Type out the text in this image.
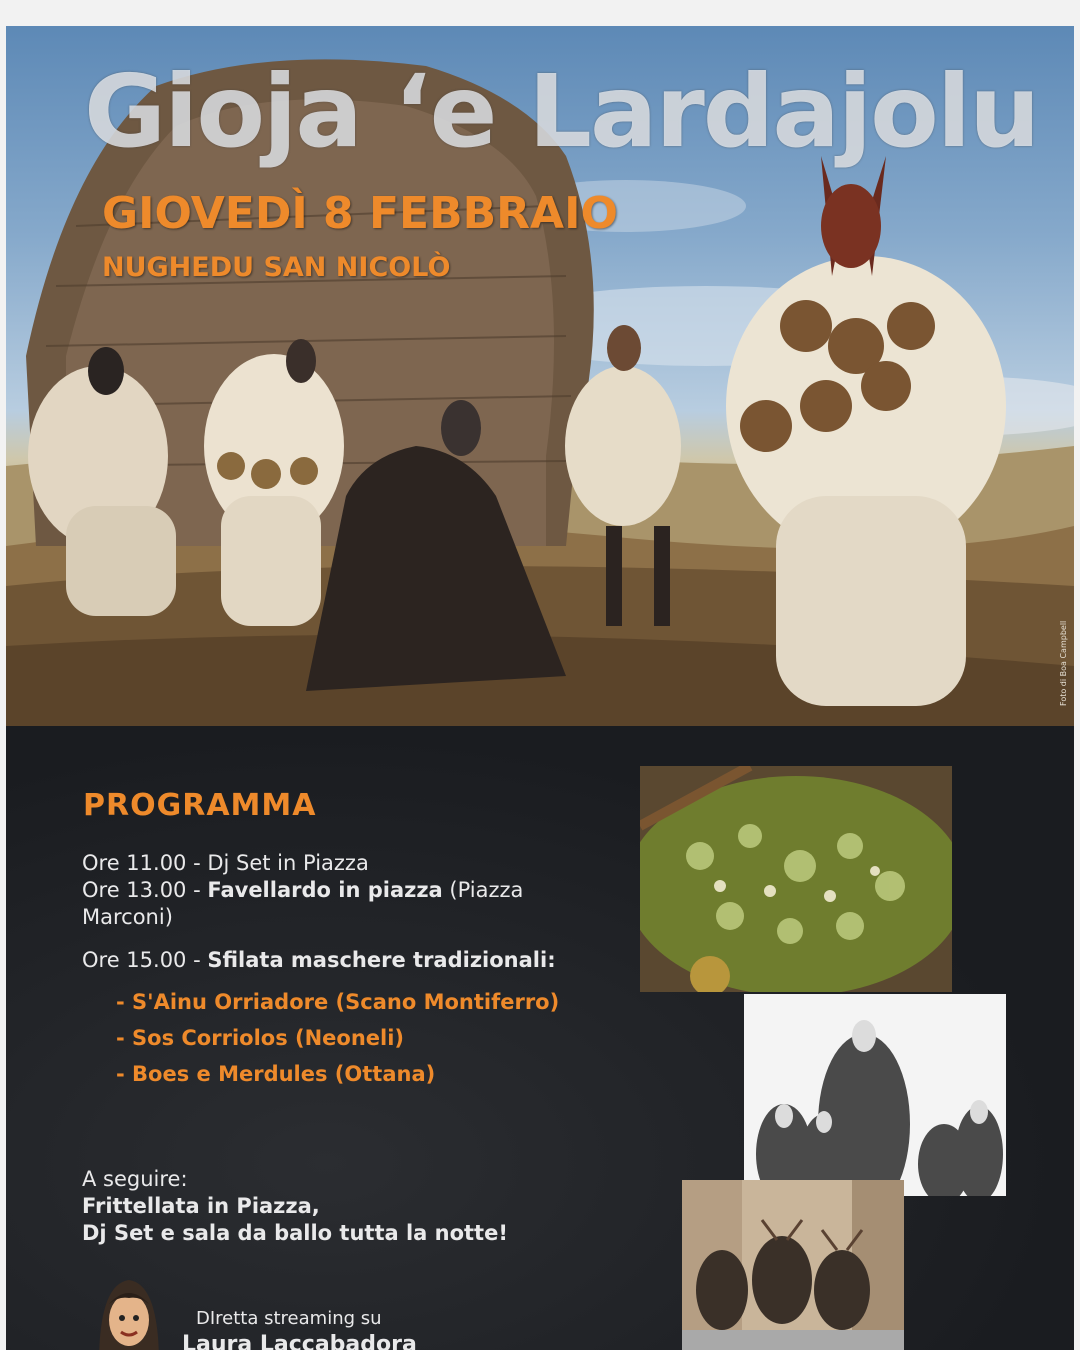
Gioja ‘e Lardajolu
GIOVEDÌ 8 FEBBRAIO
NUGHEDU SAN NICOLÒ
Foto di Boa Campbell
PROGRAMMA

Ore 11.00 - Dj Set in Piazza

Ore 13.00 - Favellardo in piazza (Piazza Marconi)

Ore 15.00 - Sfilata maschere tradizionali:

- S'Ainu Orriadore (Scano Montiferro)
- Sos Corriolos (Neoneli)
- Boes e Merdules (Ottana)

A seguire:

Frittellata in Piazza,

Dj Set e sala da ballo tutta la notte!

DIretta streaming su
Laura Laccabadora
